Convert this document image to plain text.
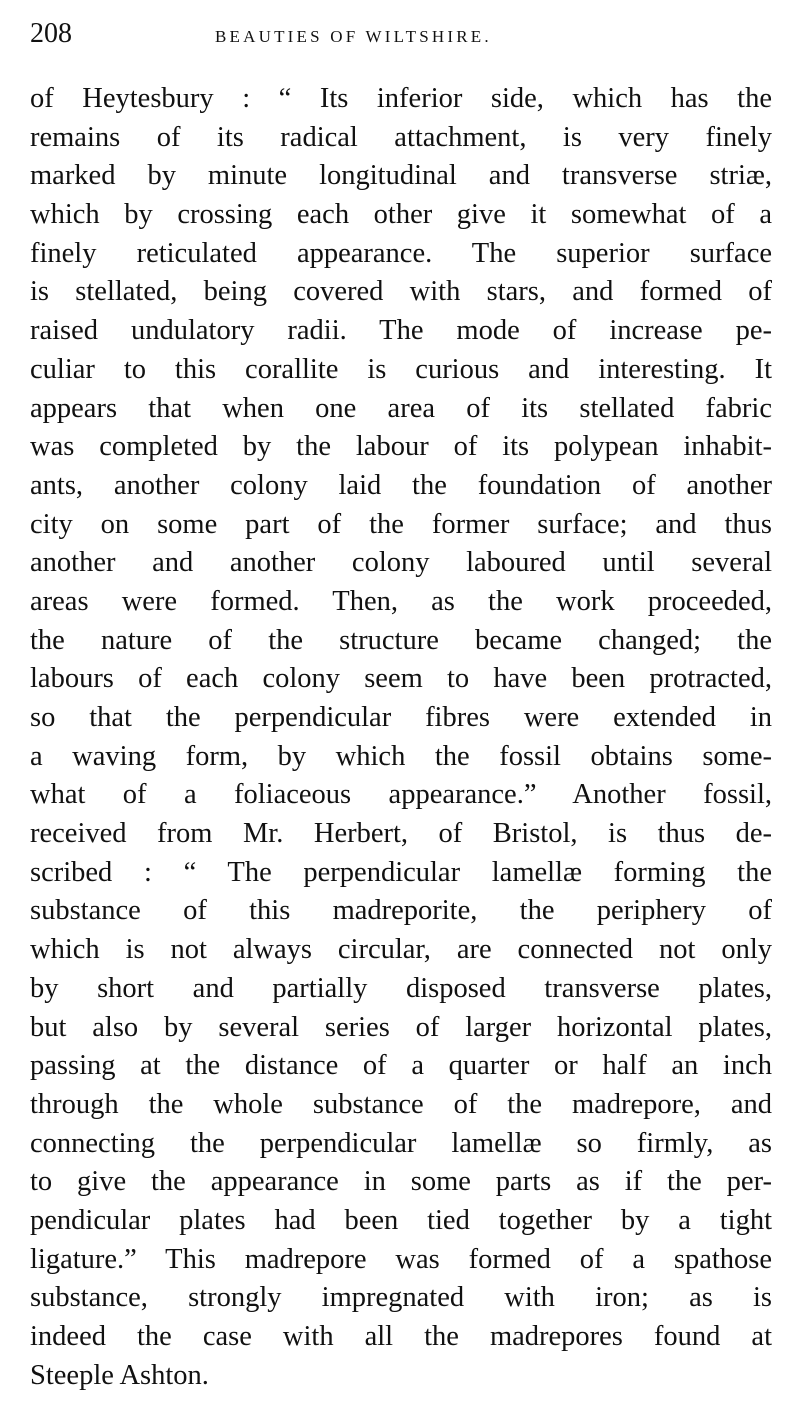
208	BEAUTIES OF WILTSHIRE.
of Heytesbury : “ Its inferior side, which has the
remains of its radical attachment, is very finely
marked by minute longitudinal and transverse striæ,
which by crossing each other give it somewhat of a
finely reticulated appearance. The superior surface
is stellated, being covered with stars, and formed of
raised undulatory radii. The mode of increase pe-
culiar to this corallite is curious and interesting. It
appears that when one area of its stellated fabric
was completed by the labour of its polypean inhabit-
ants, another colony laid the foundation of another
city on some part of the former surface; and thus
another and another colony laboured until several
areas were formed. Then, as the work proceeded,
the nature of the structure became changed; the
labours of each colony seem to have been protracted,
so that the perpendicular fibres were extended in
a waving form, by which the fossil obtains some-
what of a foliaceous appearance.” Another fossil,
received from Mr. Herbert, of Bristol, is thus de-
scribed : “ The perpendicular lamellæ forming the
substance of this madreporite, the periphery of
which is not always circular, are connected not only
by short and partially disposed transverse plates,
but also by several series of larger horizontal plates,
passing at the distance of a quarter or half an inch
through the whole substance of the madrepore, and
connecting the perpendicular lamellæ so firmly, as
to give the appearance in some parts as if the per-
pendicular plates had been tied together by a tight
ligature.” This madrepore was formed of a spathose
substance, strongly impregnated with iron; as is
indeed the case with all the madrepores found at
Steeple Ashton.
